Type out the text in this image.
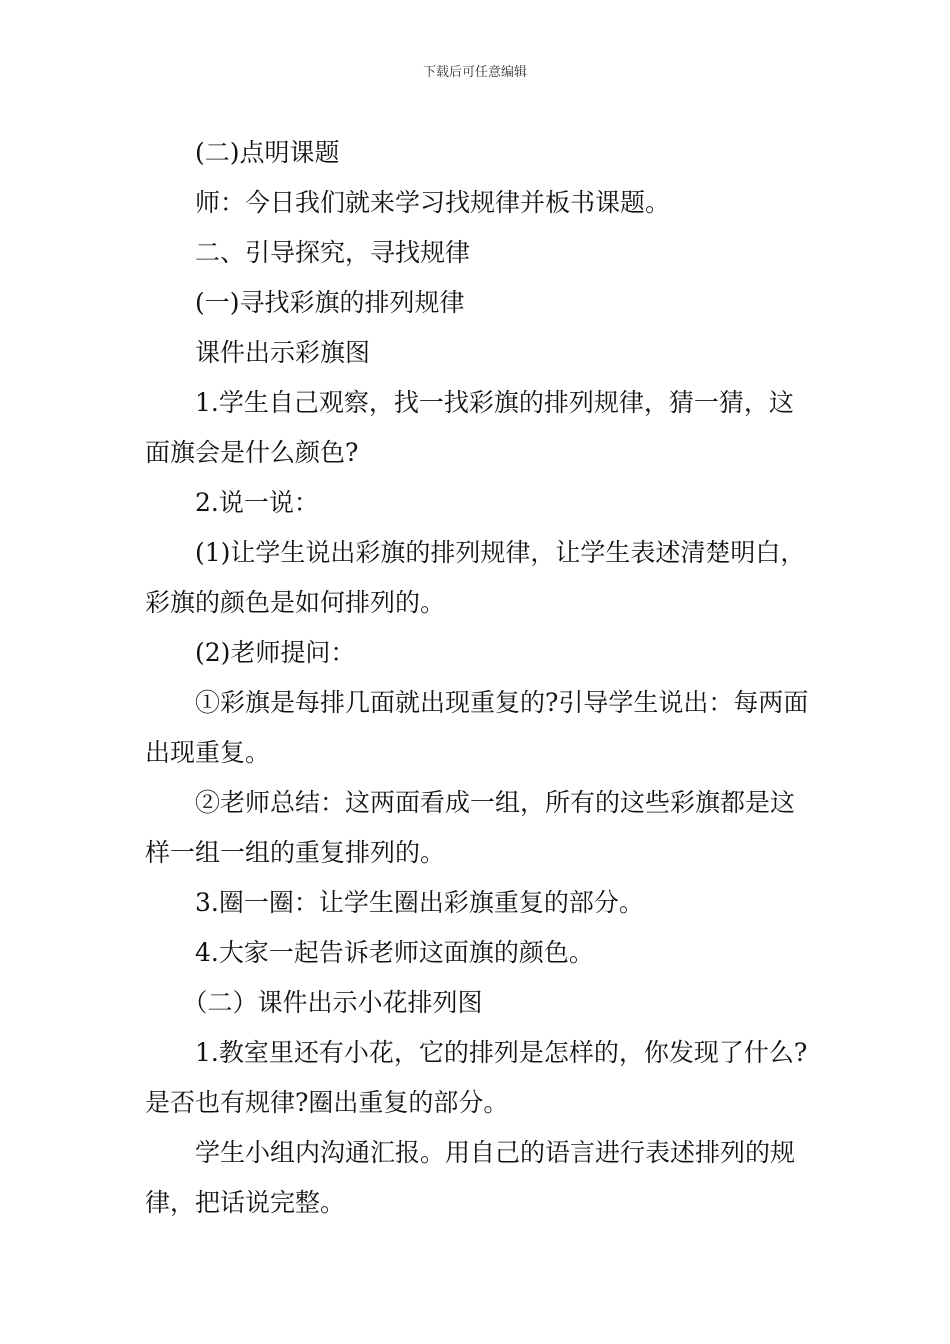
下载后可任意编辑

(二)点明课题

师：今日我们就来学习找规律并板书课题。

二、引导探究，寻找规律

(一)寻找彩旗的排列规律

课件出示彩旗图

1.学生自己观察，找一找彩旗的排列规律，猜一猜，这面旗会是什么颜色?

2.说一说：

(1)让学生说出彩旗的排列规律，让学生表述清楚明白，彩旗的颜色是如何排列的。

(2)老师提问：

①彩旗是每排几面就出现重复的?引导学生说出：每两面出现重复。

②老师总结：这两面看成一组，所有的这些彩旗都是这样一组一组的重复排列的。

3.圈一圈：让学生圈出彩旗重复的部分。

4.大家一起告诉老师这面旗的颜色。

（二）课件出示小花排列图

1.教室里还有小花，它的排列是怎样的，你发现了什么?是否也有规律?圈出重复的部分。

学生小组内沟通汇报。用自己的语言进行表述排列的规律，把话说完整。
